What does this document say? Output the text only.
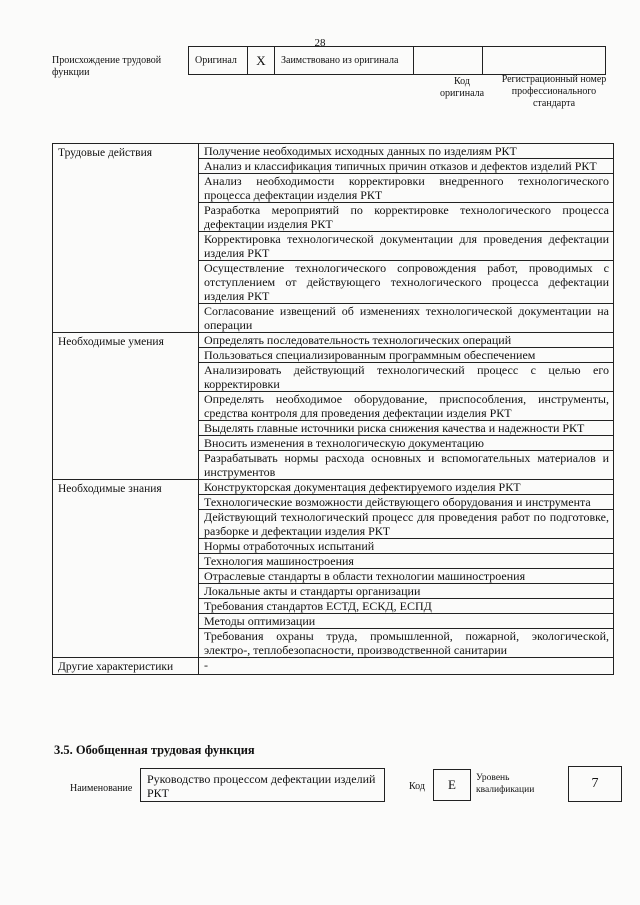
28
Происхождение трудовой функции
Оригинал	X	Заимствовано из оригинала		
Код оригинала
Регистрационный номер профессионального стандарта
Трудовые действия	Получение необходимых исходных данных по изделиям РКТ
	Анализ и классификация типичных причин отказов и дефектов изделий РКТ
	Анализ необходимости корректировки внедренного технологического процесса дефектации изделия РКТ
	Разработка мероприятий по корректировке технологического процесса дефектации изделия РКТ
	Корректировка технологической документации для проведения дефектации изделия РКТ
	Осуществление технологического сопровождения работ, проводимых с отступлением от действующего технологического процесса дефектации изделия РКТ
	Согласование извещений об изменениях технологической документации на операции
Необходимые умения	Определять последовательность технологических операций
	Пользоваться специализированным программным обеспечением
	Анализировать действующий технологический процесс с целью его корректировки
	Определять необходимое оборудование, приспособления, инструменты, средства контроля для проведения дефектации изделия РКТ
	Выделять главные источники риска снижения качества и надежности РКТ
	Вносить изменения в технологическую документацию
	Разрабатывать нормы расхода основных и вспомогательных материалов и инструментов
Необходимые знания	Конструкторская документация дефектируемого изделия РКТ
	Технологические возможности действующего оборудования и инструмента
	Действующий технологический процесс для проведения работ по подготовке, разборке и дефектации изделия РКТ
	Нормы отработочных испытаний
	Технология машиностроения
	Отраслевые стандарты в области технологии машиностроения
	Локальные акты и стандарты организации
	Требования стандартов ЕСТД, ЕСКД, ЕСПД
	Методы оптимизации
	Требования охраны труда, промышленной, пожарной, экологической, электро-, теплобезопасности, производственной санитарии
Другие характеристики	-
3.5. Обобщенная трудовая функция
Наименование
Руководство процессом дефектации изделий РКТ	Код	Е	Уровень квалификации	7
